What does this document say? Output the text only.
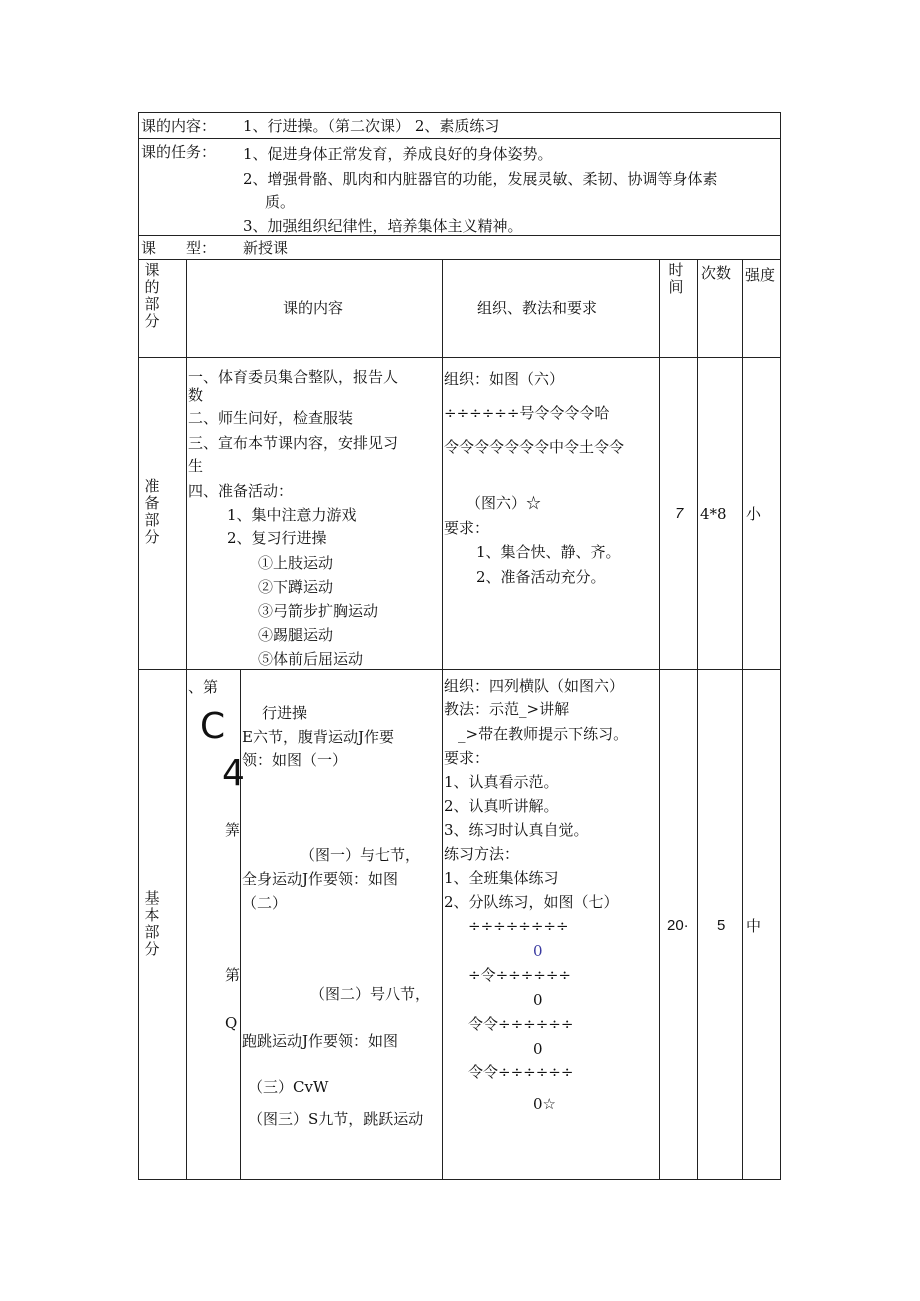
课的内容： 1、行进操。（第二次课） 2、素质练习
课的任务： 1、促进身体正常发育，养成良好的身体姿势。
2、增强骨骼、肌肉和内脏器官的功能，发展灵敏、柔韧、协调等身体素
质。
3、加强组织纪律性，培养集体主义精神。
课　　型： 新授课
课的部分
课的内容	组织、教法和要求
时间
次数 强度
准备部分
一、体育委员集合整队，报告人
数
二、师生问好，检查服装
三、宣布本节课内容，安排见习
生
四、准备活动：
1、集中注意力游戏
2、复习行进操
①上肢运动
②下蹲运动
③弓箭步扩胸运动
④踢腿运动
⑤体前后屈运动
组织：如图（六）
÷÷÷÷÷÷号令令令令哈
令令令令令令令中令土令令
（图六）☆
要求：
1、集合快、静、齐。
2、准备活动充分。
7 4*8 小
基本部分
、第
C
4
筭
第
Q
行进操
E六节，腹背运动J作要
领：如图（一）
（图一）与七节，
全身运动J作要领：如图
（二）
（图二）号八节，
跑跳运动J作要领：如图
（三）CvW
（图三）S九节，跳跃运动
组织：四列横队（如图六）
教法：示范_>讲解
_>带在教师提示下练习。
要求：
1、认真看示范。
2、认真听讲解。
3、练习时认真自觉。
练习方法：
1、全班集体练习
2、分队练习，如图（七）
÷÷÷÷÷÷÷÷
0
÷令÷÷÷÷÷÷
0
令令÷÷÷÷÷÷
0
令令÷÷÷÷÷÷
0☆
20· 5 中
